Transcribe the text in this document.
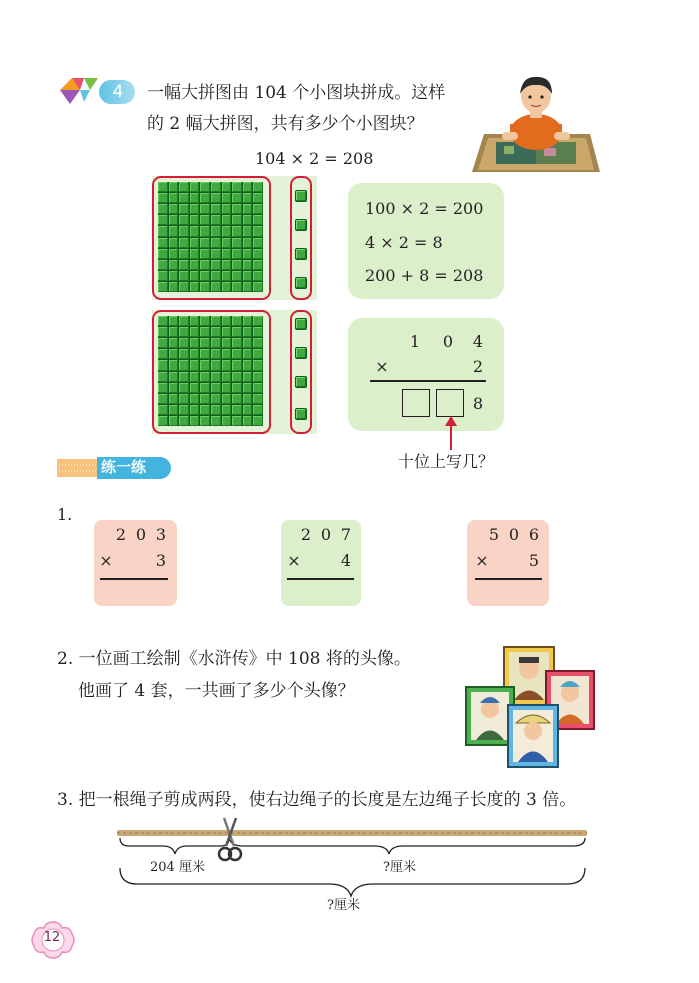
4	一幅大拼图由 104 个小图块拼成。这样
的 2 幅大拼图，共有多少个小图块？
104 × 2 = 208
100 × 2 = 200
4 × 2 = 8
200 + 8 = 208
1	0	4
×	2
8
十位上写几？
练一练
1.
2 0 3
×	3
2 0 7
×	4
5 0 6
×	5
2. 一位画工绘制《水浒传》中 108 将的头像。
他画了 4 套，一共画了多少个头像？
3. 把一根绳子剪成两段，使右边绳子的长度是左边绳子长度的 3 倍。
204 厘米	?厘米
?厘米
12
